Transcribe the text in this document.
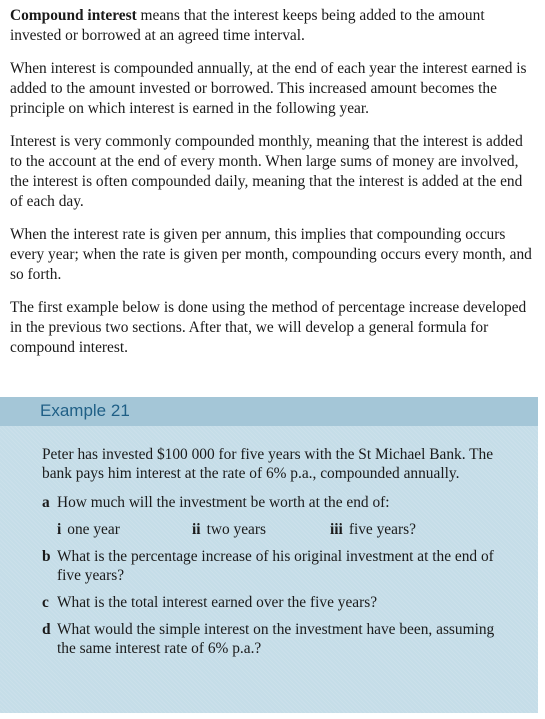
Compound interest means that the interest keeps being added to the amount invested or borrowed at an agreed time interval.

When interest is compounded annually, at the end of each year the interest earned is added to the amount invested or borrowed. This increased amount becomes the principle on which interest is earned in the following year.

Interest is very commonly compounded monthly, meaning that the interest is added to the account at the end of every month. When large sums of money are involved, the interest is often compounded daily, meaning that the interest is added at the end of each day.

When the interest rate is given per annum, this implies that compounding occurs every year; when the rate is given per month, compounding occurs every month, and so forth.

The first example below is done using the method of percentage increase developed in the previous two sections. After that, we will develop a general formula for compound interest.

Example 21
Peter has invested $100 000 for five years with the St Michael Bank. The bank pays him interest at the rate of 6% p.a., compounded annually.
a How much will the investment be worth at the end of:
i one year	ii two years	iii five years?
b What is the percentage increase of his original investment at the end of five years?
c What is the total interest earned over the five years?
d What would the simple interest on the investment have been, assuming the same interest rate of 6% p.a.?
